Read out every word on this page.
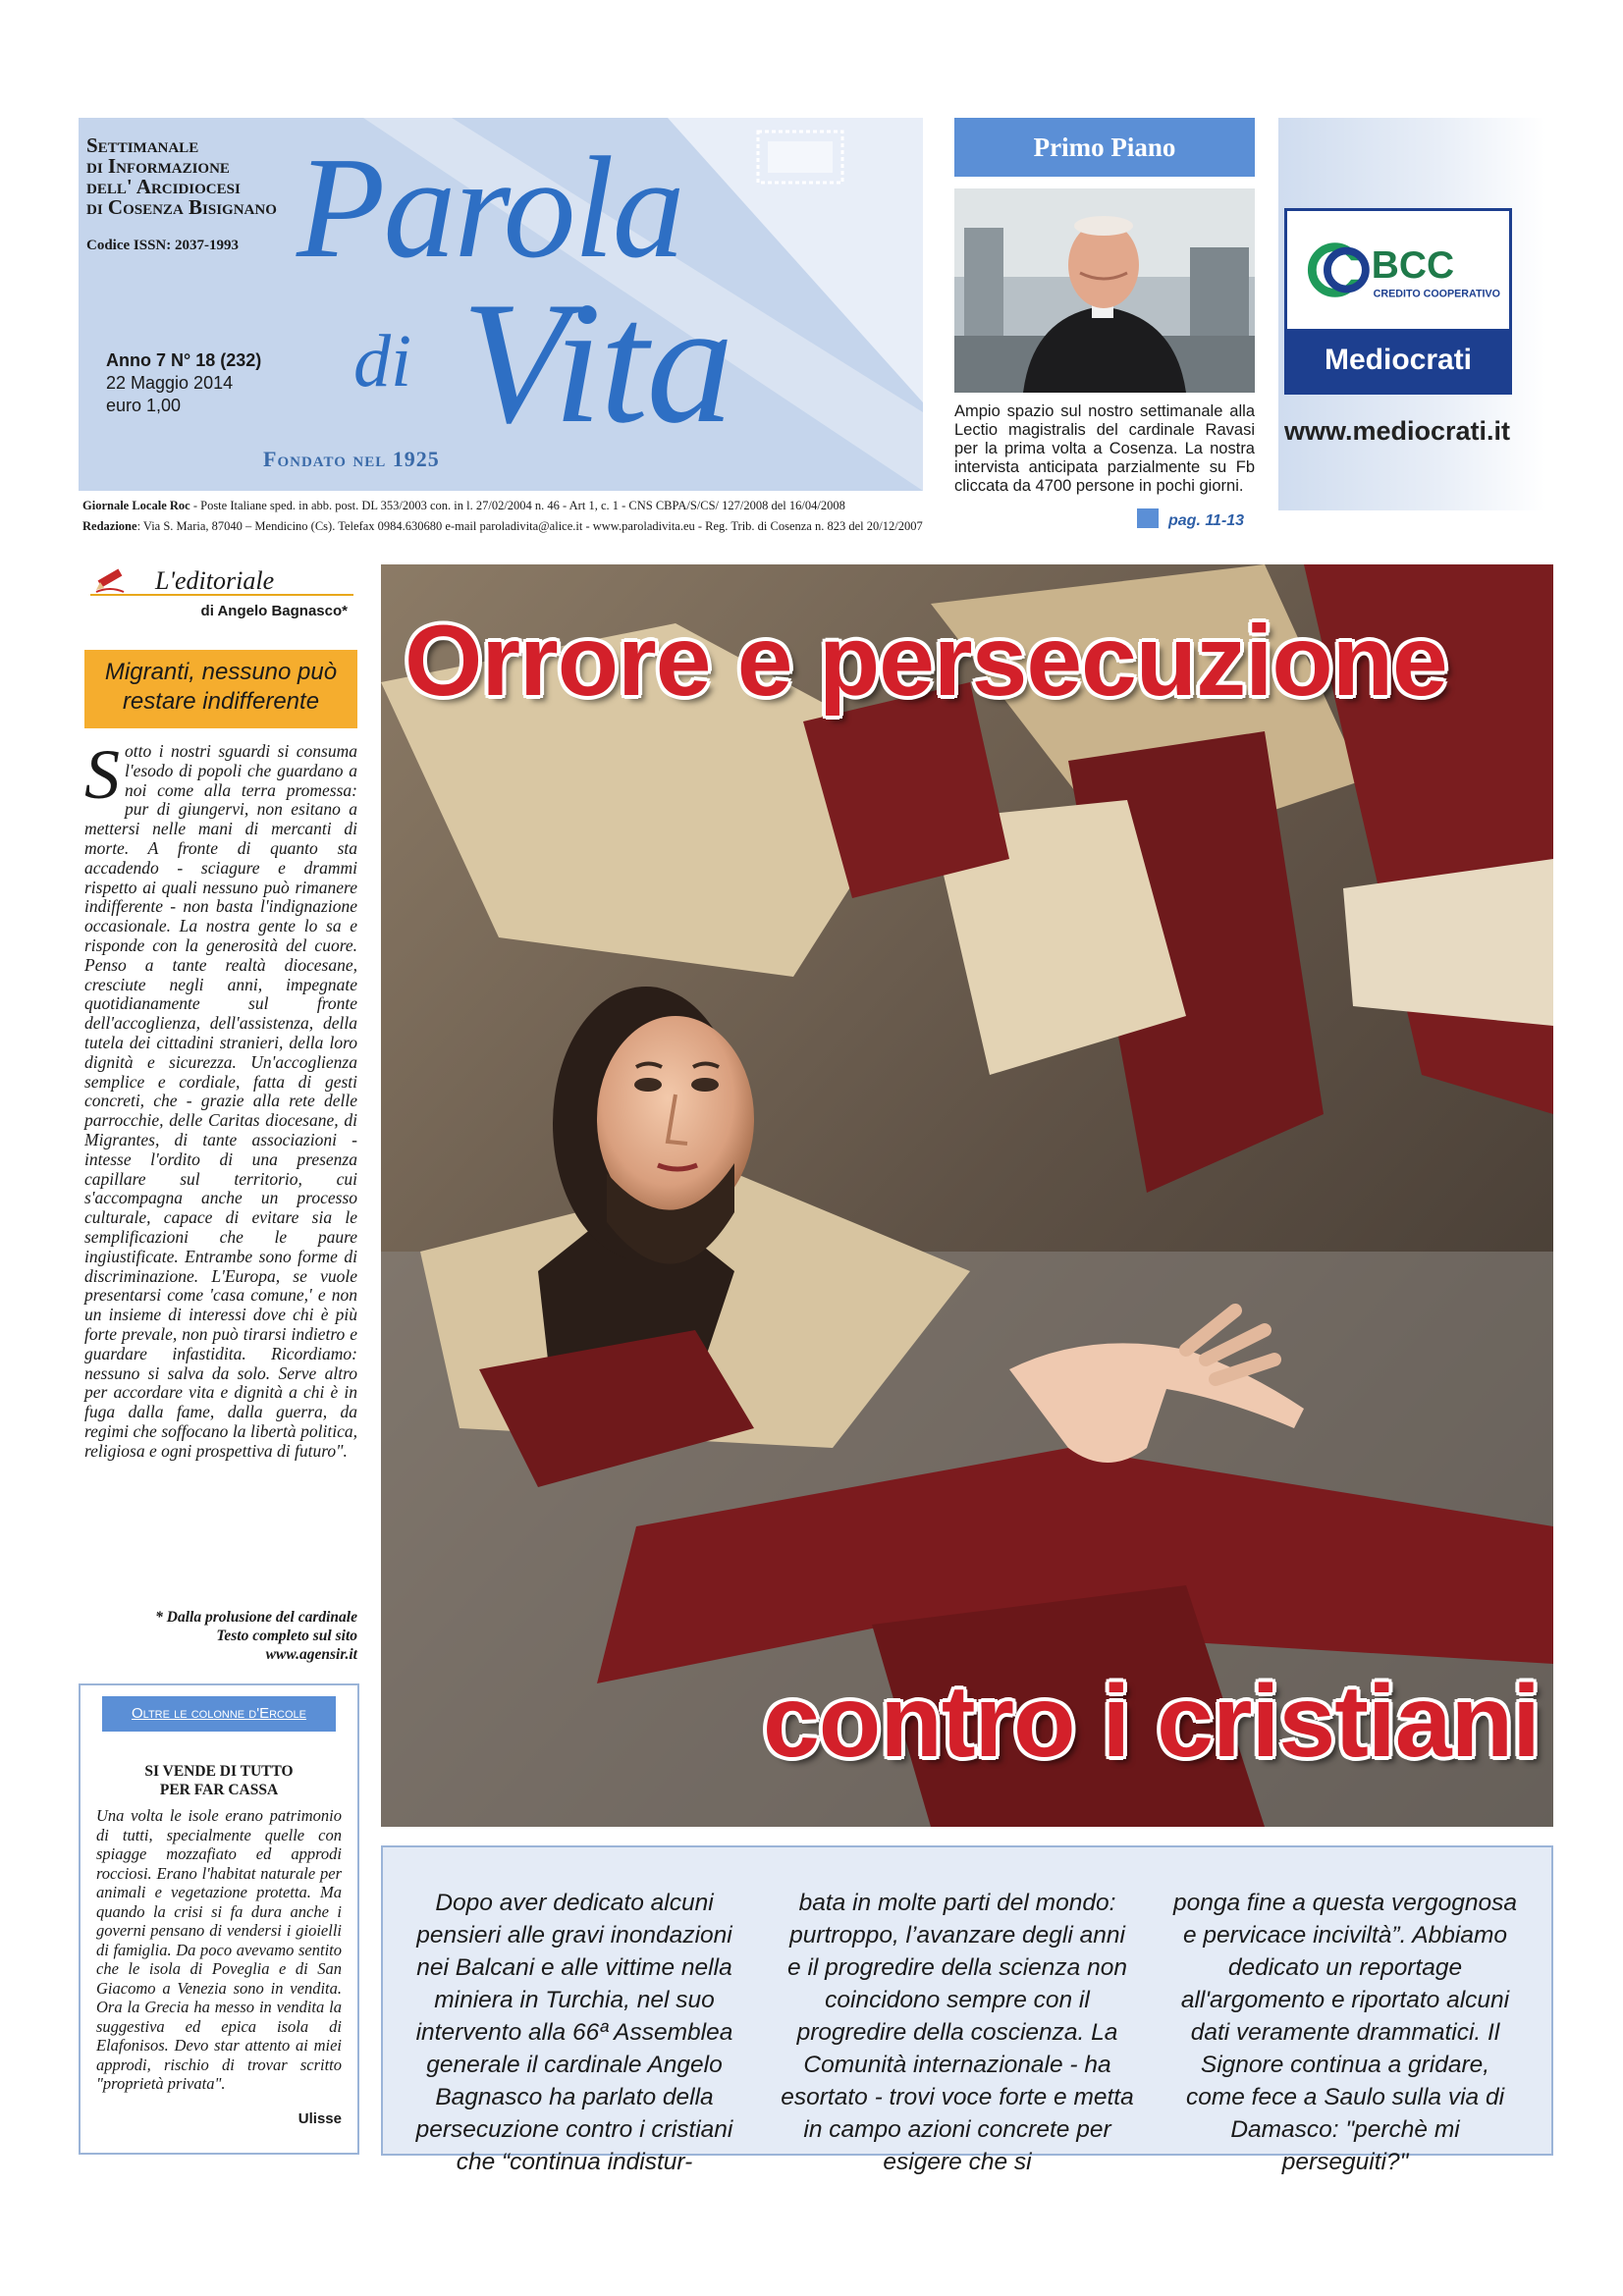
Settimanale
di Informazione
dell' Arcidiocesi
di Cosenza Bisignano
Codice ISSN: 2037-1993
Anno 7 N° 18 (232)
22 Maggio 2014
euro 1,00
Parola
di Vita
Fondato nel 1925
Giornale Locale Roc - Poste Italiane sped. in abb. post. DL 353/2003 con. in l. 27/02/2004 n. 46 - Art 1, c. 1 - CNS CBPA/S/CS/ 127/2008 del 16/04/2008
Redazione: Via S. Maria, 87040 – Mendicino (Cs). Telefax 0984.630680 e-mail paroladivita@alice.it - www.paroladivita.eu - Reg. Trib. di Cosenza n. 823 del 20/12/2007
Primo Piano
Ampio spazio sul nostro settimanale alla Lectio magistralis del cardinale Ravasi per la prima volta a Cosenza. La nostra intervista anticipata parzialmente su Fb cliccata da 4700 persone in pochi giorni.
pag. 11-13
BCC
CREDITO COOPERATIVO
Mediocrati
www.mediocrati.it
L'editoriale
di Angelo Bagnasco*
Migranti, nessuno può restare indifferente
Sotto i nostri sguardi si consuma l'esodo di popoli che guardano a noi come alla terra promessa: pur di giungervi, non esitano a mettersi nelle mani di mercanti di morte. A fronte di quanto sta accadendo - sciagure e drammi rispetto ai quali nessuno può rimanere indifferente - non basta l'indignazione occasionale. La nostra gente lo sa e risponde con la generosità del cuore. Penso a tante realtà diocesane, cresciute negli anni, impegnate quotidianamente sul fronte dell'accoglienza, dell'assistenza, della tutela dei cittadini stranieri, della loro dignità e sicurezza. Un'accoglienza semplice e cordiale, fatta di gesti concreti, che - grazie alla rete delle parrocchie, delle Caritas diocesane, di Migrantes, di tante associazioni - intesse l'ordito di una presenza capillare sul territorio, cui s'accompagna anche un processo culturale, capace di evitare sia le semplificazioni che le paure ingiustificate. Entrambe sono forme di discriminazione. L'Europa, se vuole presentarsi come 'casa comune,' e non un insieme di interessi dove chi è più forte prevale, non può tirarsi indietro e guardare infastidita. Ricordiamo: nessuno si salva da solo. Serve altro per accordare vita e dignità a chi è in fuga dalla fame, dalla guerra, da regimi che soffocano la libertà politica, religiosa e ogni prospettiva di futuro".
* Dalla prolusione del cardinale
Testo completo sul sito
www.agensir.it
Oltre le colonne d'Ercole
SI VENDE DI TUTTO
PER FAR CASSA
Una volta le isole erano patrimonio di tutti, specialmente quelle con spiagge mozzafiato ed approdi rocciosi. Erano l'habitat naturale per animali e vegetazione protetta. Ma quando la crisi si fa dura anche i governi pensano di vendersi i gioielli di famiglia. Da poco avevamo sentito che le isola di Poveglia e di San Giacomo a Venezia sono in vendita. Ora la Grecia ha messo in vendita la suggestiva ed epica isola di Elafonisos. Devo star attento ai miei approdi, rischio di trovar scritto "proprietà privata".
Ulisse
Orrore e persecuzione
contro i cristiani
Dopo aver dedicato alcuni pensieri alle gravi inondazioni nei Balcani e alle vittime nella miniera in Turchia, nel suo intervento alla 66ª Assemblea generale il cardinale Angelo Bagnasco ha parlato della persecuzione contro i cristiani che “continua indistur-
bata in molte parti del mondo: purtroppo, l’avanzare degli anni e il progredire della scienza non coincidono sempre con il progredire della coscienza. La Comunità internazionale - ha esortato - trovi voce forte e metta in campo azioni concrete per esigere che si
ponga fine a questa vergognosa e pervicace inciviltà”. Abbiamo dedicato un reportage all'argomento e riportato alcuni dati veramente drammatici. Il Signore continua a gridare, come fece a Saulo sulla via di Damasco: "perchè mi perseguiti?"
